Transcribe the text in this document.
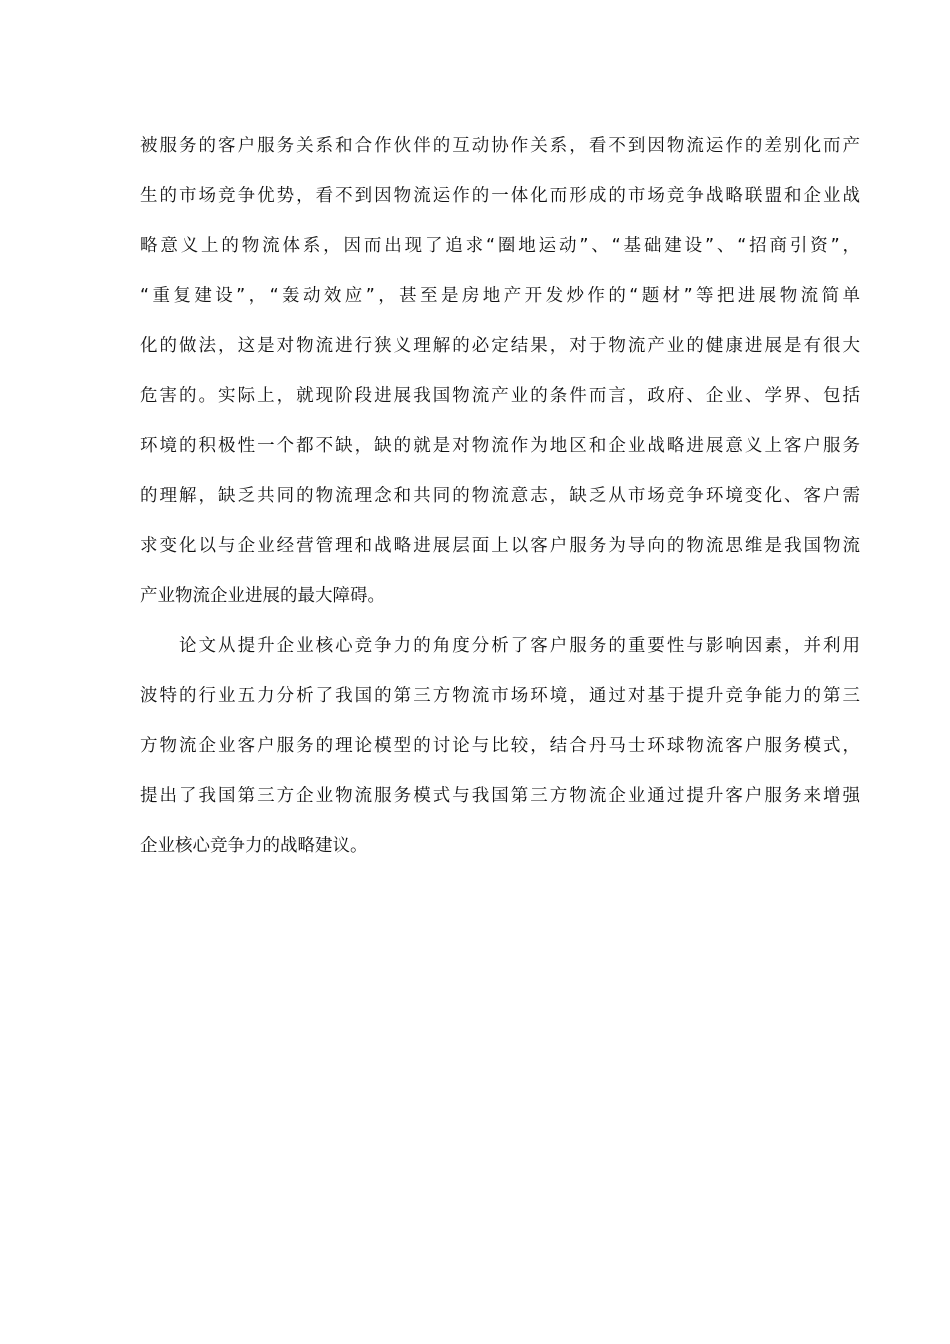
被服务的客户服务关系和合作伙伴的互动协作关系，看不到因物流运作的差别化而产
生的市场竞争优势，看不到因物流运作的一体化而形成的市场竞争战略联盟和企业战
略意义上的物流体系，因而出现了追求“圈地运动”、“基础建设”、“招商引资”，
“重复建设”，“轰动效应”，甚至是房地产开发炒作的“题材”等把进展物流简单
化的做法，这是对物流进行狭义理解的必定结果，对于物流产业的健康进展是有很大
危害的。实际上，就现阶段进展我国物流产业的条件而言，政府、企业、学界、包括
环境的积极性一个都不缺，缺的就是对物流作为地区和企业战略进展意义上客户服务
的理解，缺乏共同的物流理念和共同的物流意志，缺乏从市场竞争环境变化、客户需
求变化以与企业经营管理和战略进展层面上以客户服务为导向的物流思维是我国物流
产业物流企业进展的最大障碍。
　　论文从提升企业核心竞争力的角度分析了客户服务的重要性与影响因素，并利用
波特的行业五力分析了我国的第三方物流市场环境，通过对基于提升竞争能力的第三
方物流企业客户服务的理论模型的讨论与比较，结合丹马士环球物流客户服务模式，
提出了我国第三方企业物流服务模式与我国第三方物流企业通过提升客户服务来增强
企业核心竞争力的战略建议。
